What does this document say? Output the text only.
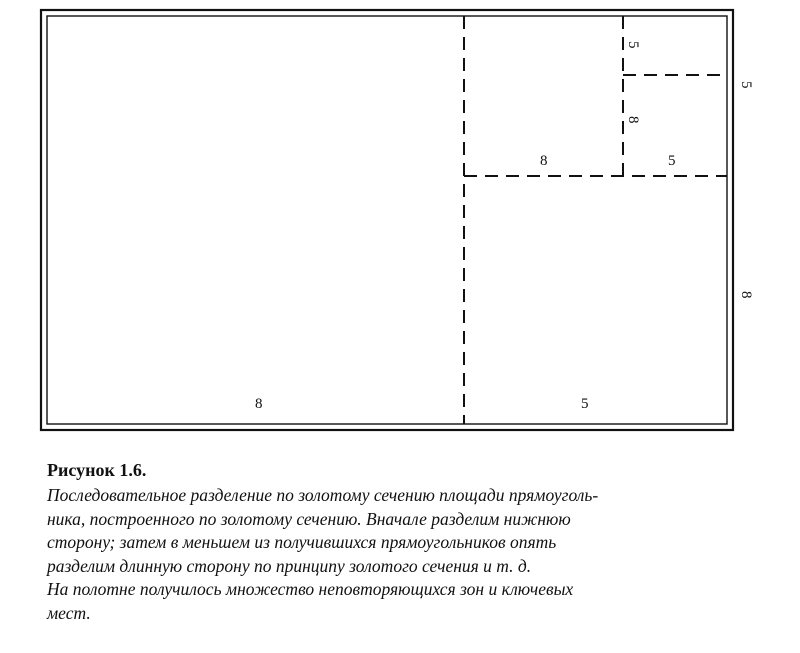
8	5
8	5
5
8
8
5

Рисунок 1.6.

Последовательное разделение по золотому сечению площади прямоуголь-
ника, построенного по золотому сечению. Вначале разделим нижнюю
сторону; затем в меньшем из получившихся прямоугольников опять
разделим длинную сторону по принципу золотого сечения и т. д.
На полотне получилось множество неповторяющихся зон и ключевых
мест.
